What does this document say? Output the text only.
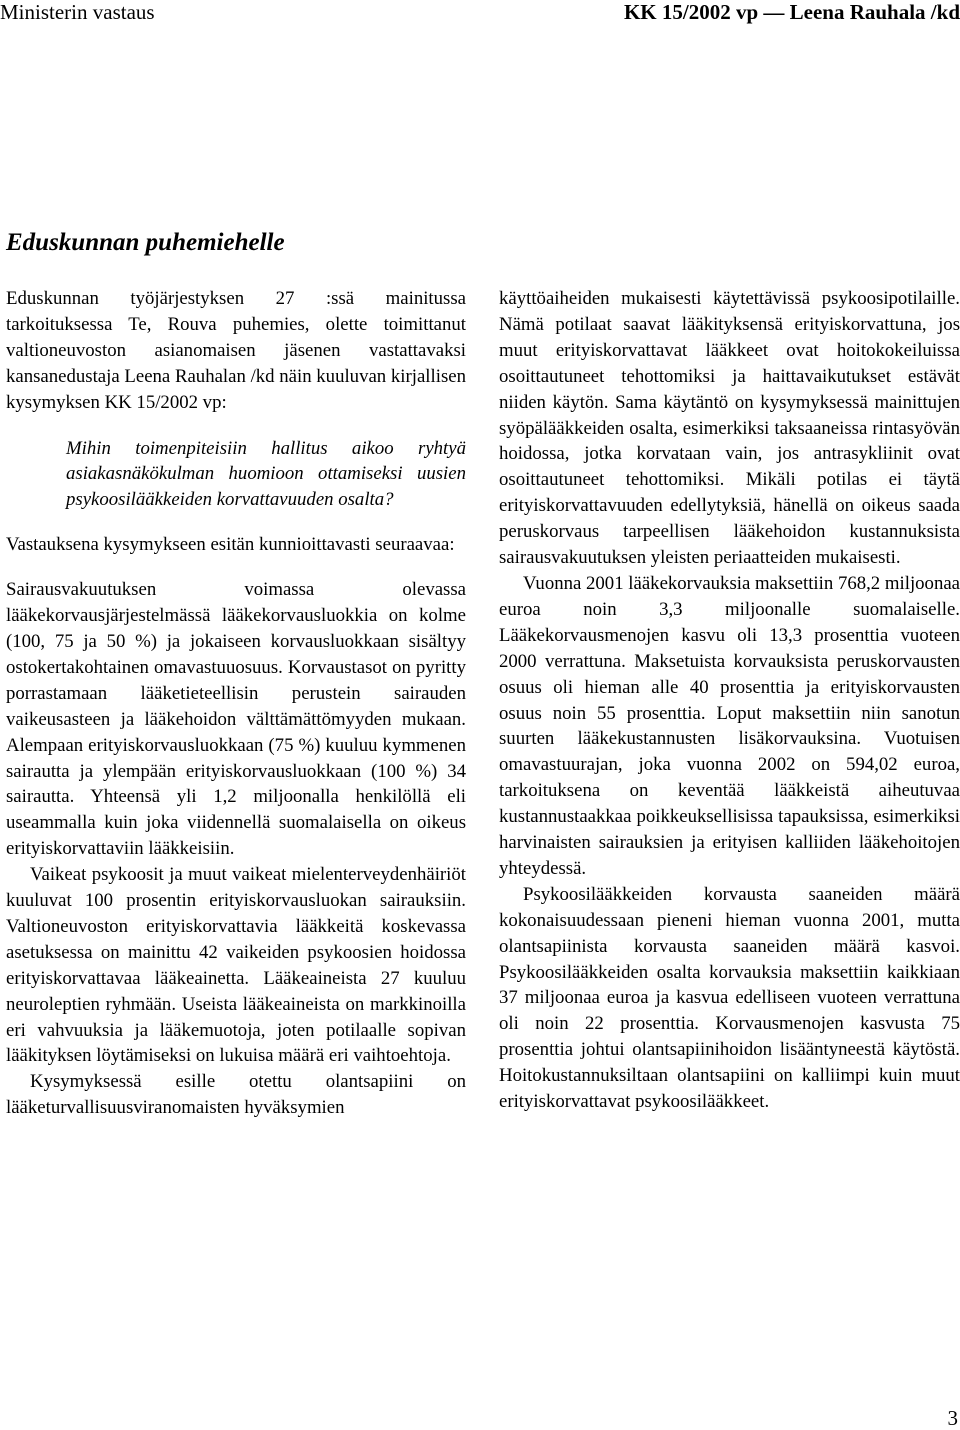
Ministerin vastaus	KK 15/2002 vp — Leena Rauhala /kd
Eduskunnan puhemiehelle

Eduskunnan työjärjestyksen 27 :ssä mainitussa tarkoituksessa Te, Rouva puhemies, olette toimittanut valtioneuvoston asianomaisen jäsenen vastattavaksi kansanedustaja Leena Rauhalan /kd näin kuuluvan kirjallisen kysymyksen KK 15/2002 vp:

Mihin toimenpiteisiin hallitus aikoo ryhtyä asiakasnäkökulman huomioon ottamiseksi uusien psykoosilääkkeiden korvattavuuden osalta?

Vastauksena kysymykseen esitän kunnioittavasti seuraavaa:

Sairausvakuutuksen voimassa olevassa lääkekorvausjärjestelmässä lääkekorvausluokkia on kolme (100, 75 ja 50 %) ja jokaiseen korvausluokkaan sisältyy ostokertakohtainen omavastuuosuus. Korvaustasot on pyritty porrastamaan lääketieteellisin perustein sairauden vaikeusasteen ja lääkehoidon välttämättömyyden mukaan. Alempaan erityiskorvausluokkaan (75 %) kuuluu kymmenen sairautta ja ylempään erityiskorvausluokkaan (100 %) 34 sairautta. Yhteensä yli 1,2 miljoonalla henkilöllä eli useammalla kuin joka viidennellä suomalaisella on oikeus erityiskorvattaviin lääkkeisiin.

Vaikeat psykoosit ja muut vaikeat mielenterveydenhäiriöt kuuluvat 100 prosentin erityiskorvausluokan sairauksiin. Valtioneuvoston erityiskorvattavia lääkkeitä koskevassa asetuksessa on mainittu 42 vaikeiden psykoosien hoidossa erityiskorvattavaa lääkeainetta. Lääkeaineista 27 kuuluu neuroleptien ryhmään. Useista lääkeaineista on markkinoilla eri vahvuuksia ja lääkemuotoja, joten potilaalle sopivan lääkityksen löytämiseksi on lukuisa määrä eri vaihtoehtoja.

Kysymyksessä esille otettu olantsapiini on lääketurvallisuusviranomaisten hyväksymien

käyttöaiheiden mukaisesti käytettävissä psykoosipotilaille. Nämä potilaat saavat lääkityksensä erityiskorvattuna, jos muut erityiskorvattavat lääkkeet ovat hoitokokeiluissa osoittautuneet tehottomiksi ja haittavaikutukset estävät niiden käytön. Sama käytäntö on kysymyksessä mainittujen syöpälääkkeiden osalta, esimerkiksi taksaaneissa rintasyövän hoidossa, jotka korvataan vain, jos antrasykliinit ovat osoittautuneet tehottomiksi. Mikäli potilas ei täytä erityiskorvattavuuden edellytyksiä, hänellä on oikeus saada peruskorvaus tarpeellisen lääkehoidon kustannuksista sairausvakuutuksen yleisten periaatteiden mukaisesti.

Vuonna 2001 lääkekorvauksia maksettiin 768,2 miljoonaa euroa noin 3,3 miljoonalle suomalaiselle. Lääkekorvausmenojen kasvu oli 13,3 prosenttia vuoteen 2000 verrattuna. Maksetuista korvauksista peruskorvausten osuus oli hieman alle 40 prosenttia ja erityiskorvausten osuus noin 55 prosenttia. Loput maksettiin niin sanotun suurten lääkekustannusten lisäkorvauksina. Vuotuisen omavastuurajan, joka vuonna 2002 on 594,02 euroa, tarkoituksena on keventää lääkkeistä aiheutuvaa kustannustaakkaa poikkeuksellisissa tapauksissa, esimerkiksi harvinaisten sairauksien ja erityisen kalliiden lääkehoitojen yhteydessä.

Psykoosilääkkeiden korvausta saaneiden määrä kokonaisuudessaan pieneni hieman vuonna 2001, mutta olantsapiinista korvausta saaneiden määrä kasvoi. Psykoosilääkkeiden osalta korvauksia maksettiin kaikkiaan 37 miljoonaa euroa ja kasvua edelliseen vuoteen verrattuna oli noin 22 prosenttia. Korvausmenojen kasvusta 75 prosenttia johtui olantsapiinihoidon lisääntyneestä käytöstä. Hoitokustannuksiltaan olantsapiini on kalliimpi kuin muut erityiskorvattavat psykoosilääkkeet.

3
